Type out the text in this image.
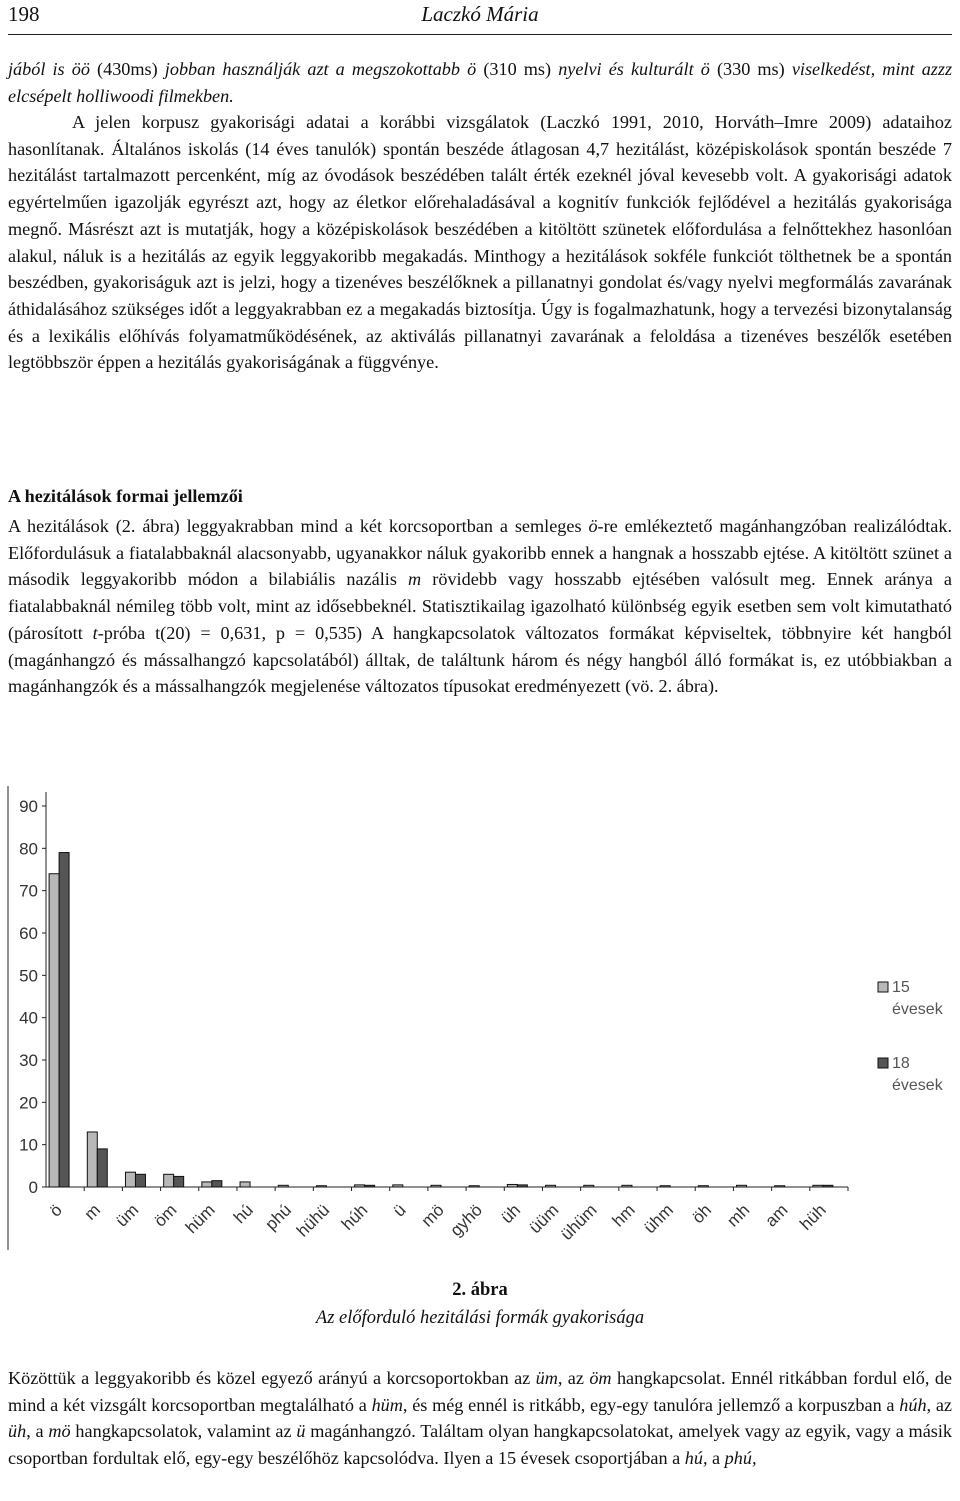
198	Laczkó Mária

jából is öö (430ms) jobban használják azt a megszokottabb ö (310 ms) nyelvi és kulturált ö (330 ms) viselkedést, mint azzz elcsépelt holliwoodi filmekben.

A jelen korpusz gyakorisági adatai a korábbi vizsgálatok (Laczkó 1991, 2010, Horváth–Imre 2009) adataihoz hasonlítanak. Általános iskolás (14 éves tanulók) spontán beszéde átlagosan 4,7 hezitálást, középiskolások spontán beszéde 7 hezitálást tartalmazott percenként, míg az óvodások beszédében talált érték ezeknél jóval kevesebb volt. A gyakorisági adatok egyértelműen igazolják egyrészt azt, hogy az életkor előrehaladásával a kognitív funkciók fejlődével a hezitálás gyakorisága megnő. Másrészt azt is mutatják, hogy a középiskolások beszédében a kitöltött szünetek előfordulása a felnőttekhez hasonlóan alakul, náluk is a hezitálás az egyik leggyakoribb megakadás. Minthogy a hezitálások sokféle funkciót tölthetnek be a spontán beszédben, gyakoriságuk azt is jelzi, hogy a tizenéves beszélőknek a pillanatnyi gondolat és/vagy nyelvi megformálás zavarának áthidalásához szükséges időt a leggyakrabban ez a megakadás biztosítja. Úgy is fogalmazhatunk, hogy a tervezési bizonytalanság és a lexikális előhívás folyamatműködésének, az aktiválás pillanatnyi zavarának a feloldása a tizenéves beszélők esetében legtöbbször éppen a hezitálás gyakoriságának a függvénye.

A hezitálások formai jellemzői

A hezitálások (2. ábra) leggyakrabban mind a két korcsoportban a semleges ö-re emlékeztető magánhangzóban realizálódtak. Előfordulásuk a fiatalabbaknál alacsonyabb, ugyanakkor náluk gyakoribb ennek a hangnak a hosszabb ejtése. A kitöltött szünet a második leggyakoribb módon a bilabiális nazális m rövidebb vagy hosszabb ejtésében valósult meg. Ennek aránya a fiatalabbaknál némileg több volt, mint az idősebbeknél. Statisztikailag igazolható különbség egyik esetben sem volt kimutatható (párosított t-próba t(20) = 0,631, p = 0,535) A hangkapcsolatok változatos formákat képviseltek, többnyire két hangból (magánhangzó és mássalhangzó kapcsolatából) álltak, de találtunk három és négy hangból álló formákat is, ez utóbbiakban a magánhangzók és a mássalhangzók megjelenése változatos típusokat eredményezett (vö. 2. ábra).

0
10
20
30
40
50
60
70
80
90
ö m üm öm hüm hú phú
hühü húh ü mö
gyhö üh üüm
ühüm hm ühm öh mh am hüh
15
évesek
18
évesek
2. ábra
Az előforduló hezitálási formák gyakorisága

Közöttük a leggyakoribb és közel egyező arányú a korcsoportokban az üm, az öm hangkapcsolat. Ennél ritkábban fordul elő, de mind a két vizsgált korcsoportban megtalálható a hüm, és még ennél is ritkább, egy-egy tanulóra jellemző a korpuszban a húh, az üh, a mö hangkapcsolatok, valamint az ü magánhangzó. Találtam olyan hangkapcsolatokat, amelyek vagy az egyik, vagy a másik csoportban fordultak elő, egy-egy beszélőhöz kapcsolódva. Ilyen a 15 évesek csoportjában a hú, a phú,
